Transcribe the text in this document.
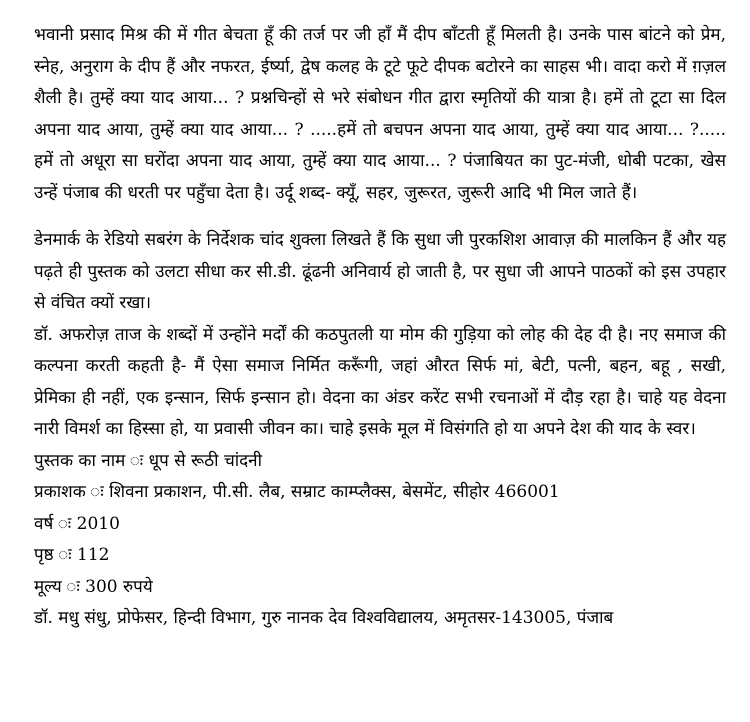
भवानी प्रसाद मिश्र की में गीत बेचता हूँ की तर्ज पर जी हाँ मैं दीप बाँटती हूँ मिलती है। उनके पास बांटने को प्रेम, स्नेह, अनुराग के दीप हैं और नफरत, ईर्ष्या, द्वेष कलह के टूटे फूटे दीपक बटोरने का साहस भी। वादा करो में ग़ज़ल शैली है। तुम्हें क्या याद आया... ? प्रश्नचिन्हों से भरे संबोधन गीत द्वारा स्मृतियों की यात्रा है। हमें तो टूटा सा दिल अपना याद आया, तुम्हें क्या याद आया... ? .....हमें तो बचपन अपना याद आया, तुम्हें क्या याद आया... ?..... हमें तो अधूरा सा घरोंदा अपना याद आया, तुम्हें क्या याद आया... ? पंजाबियत का पुट-मंजी, धोबी पटका, खेस उन्हें पंजाब की धरती पर पहुँचा देता है। उर्दू शब्द- क्यूँ, सहर, जुरूरत, जुरूरी आदि भी मिल जाते हैं।

डेनमार्क के रेडियो सबरंग के निर्देशक चांद शुक्ला लिखते हैं कि सुधा जी पुरकशिश आवाज़ की मालकिन हैं और यह पढ़ते ही पुस्तक को उलटा सीधा कर सी.डी. ढूंढनी अनिवार्य हो जाती है, पर सुधा जी आपने पाठकों को इस उपहार से वंचित क्यों रखा।

डॉ. अफरोज़ ताज के शब्दों में उन्होंने मर्दों की कठपुतली या मोम की गुड़िया को लोह की देह दी है। नए समाज की कल्पना करती कहती है- मैं ऐसा समाज निर्मित करूँगी, जहां औरत सिर्फ मां, बेटी, पत्नी, बहन, बहू , सखी, प्रेमिका ही नहीं, एक इन्सान, सिर्फ इन्सान हो। वेदना का अंडर करेंट सभी रचनाओं में दौड़ रहा है। चाहे यह वेदना नारी विमर्श का हिस्सा हो, या प्रवासी जीवन का। चाहे इसके मूल में विसंगति हो या अपने देश की याद के स्वर।

पुस्तक का नाम ः धूप से रूठी चांदनी

प्रकाशक ः शिवना प्रकाशन, पी.सी. लैब, सम्राट काम्प्लैक्स, बेसमेंट, सीहोर 466001

वर्ष ः 2010

पृष्ठ ः 112

मूल्य ः 300 रुपये

डॉ. मधु संधु, प्रोफेसर, हिन्दी विभाग, गुरु नानक देव विश्वविद्यालय, अमृतसर-143005, पंजाब
